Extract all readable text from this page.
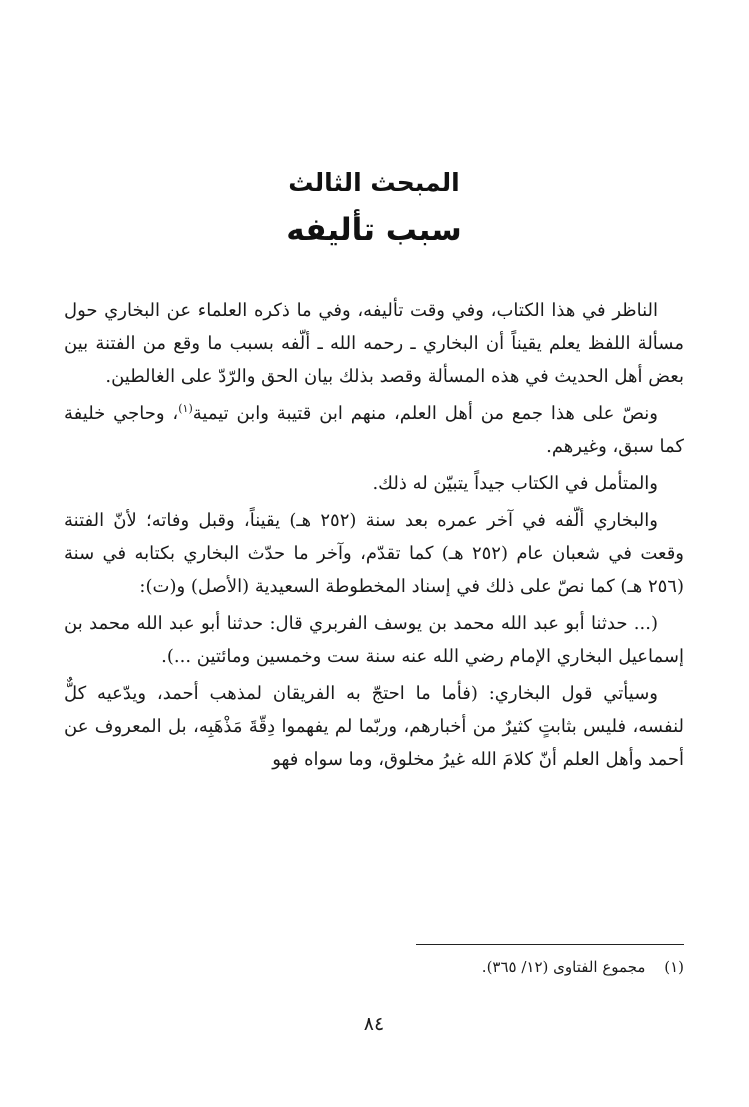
المبحث الثالث
سبب تأليفه

الناظر في هذا الكتاب، وفي وقت تأليفه، وفي ما ذكره العلماء عن البخاري حول مسألة اللفظ يعلم يقيناً أن البخاري ـ رحمه الله ـ ألّفه بسبب ما وقع من الفتنة بين بعض أهل الحديث في هذه المسألة وقصد بذلك بيان الحق والرّدّ على الغالطين.

ونصّ على هذا جمع من أهل العلم، منهم ابن قتيبة وابن تيمية$^{(١)}$، وحاجي خليفة كما سبق، وغيرهم.

والمتأمل في الكتاب جيداً يتبيّن له ذلك.

والبخاري ألّفه في آخر عمره بعد سنة (٢٥٢ هـ) يقيناً، وقبل وفاته؛ لأنّ الفتنة وقعت في شعبان عام (٢٥٢ هـ) كما تقدّم، وآخر ما حدّث البخاري بكتابه في سنة (٢٥٦ هـ) كما نصّ على ذلك في إسناد المخطوطة السعيدية (الأصل) و(ت):

(... حدثنا أبو عبد الله محمد بن يوسف الفربري قال: حدثنا أبو عبد الله محمد بن إسماعيل البخاري الإمام رضي الله عنه سنة ست وخمسين ومائتين ...).

وسيأتي قول البخاري: (فأما ما احتجّ به الفريقان لمذهب أحمد، ويدّعيه كلٌّ لنفسه، فليس بثابتٍ كثيرٌ من أخبارهم، وربّما لم يفهموا دِقّةَ مَذْهَبِه، بل المعروف عن أحمد وأهل العلم أنّ كلامَ الله غيرُ مخلوق، وما سواه فهو

(١) مجموع الفتاوى (١٢/ ٣٦٥).
٨٤
